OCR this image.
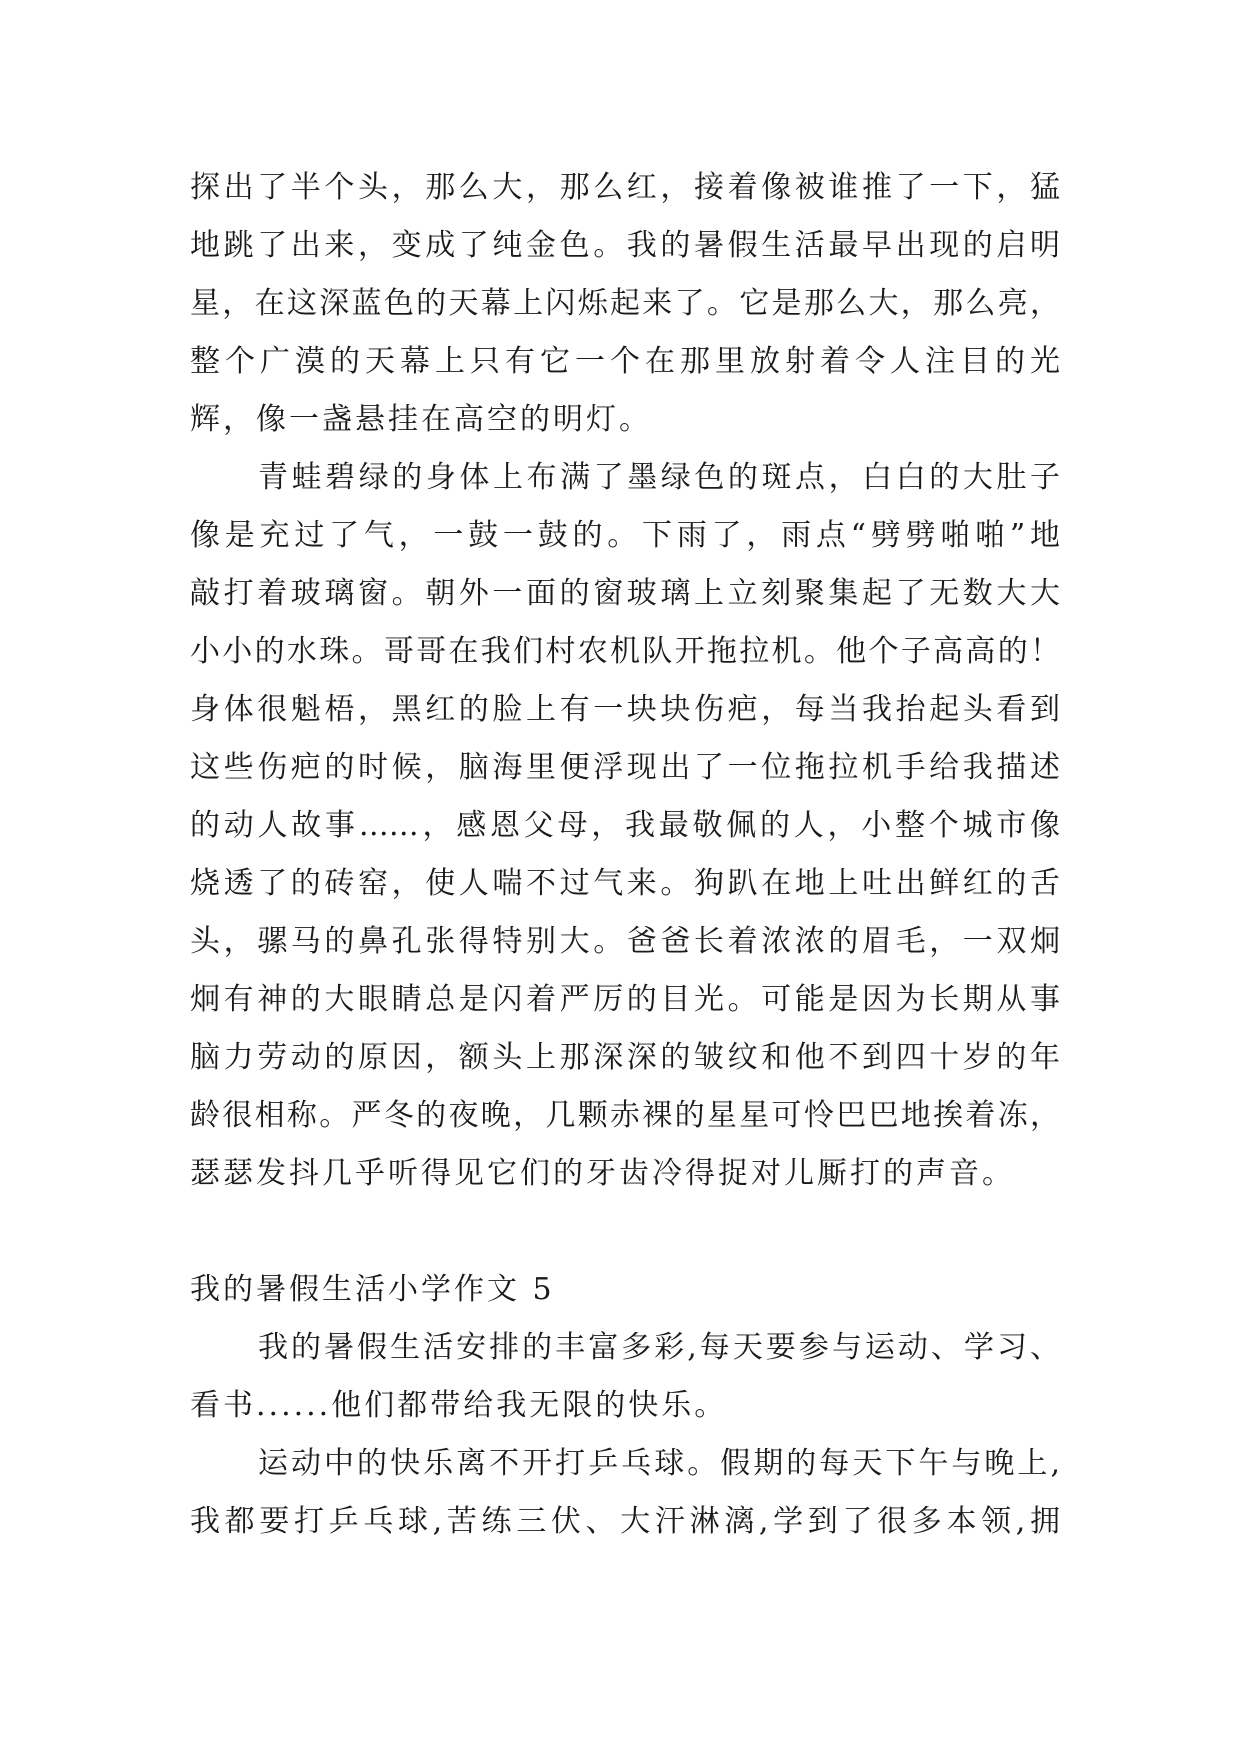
探出了半个头，那么大，那么红，接着像被谁推了一下，猛
地跳了出来，变成了纯金色。我的暑假生活最早出现的启明
星，在这深蓝色的天幕上闪烁起来了。它是那么大，那么亮，
整个广漠的天幕上只有它一个在那里放射着令人注目的光
辉，像一盏悬挂在高空的明灯。
青蛙碧绿的身体上布满了墨绿色的斑点，白白的大肚子
像是充过了气，一鼓一鼓的。下雨了，雨点“劈劈啪啪”地
敲打着玻璃窗。朝外一面的窗玻璃上立刻聚集起了无数大大
小小的水珠。哥哥在我们村农机队开拖拉机。他个子高高的！
身体很魁梧，黑红的脸上有一块块伤疤，每当我抬起头看到
这些伤疤的时候，脑海里便浮现出了一位拖拉机手给我描述
的动人故事……，感恩父母，我最敬佩的人，小整个城市像
烧透了的砖窑，使人喘不过气来。狗趴在地上吐出鲜红的舌
头，骡马的鼻孔张得特别大。爸爸长着浓浓的眉毛，一双炯
炯有神的大眼睛总是闪着严厉的目光。可能是因为长期从事
脑力劳动的原因，额头上那深深的皱纹和他不到四十岁的年
龄很相称。严冬的夜晚，几颗赤裸的星星可怜巴巴地挨着冻，
瑟瑟发抖几乎听得见它们的牙齿冷得捉对儿厮打的声音。
我的暑假生活小学作文 5
我的暑假生活安排的丰富多彩,每天要参与运动、学习、
看书......他们都带给我无限的快乐。
运动中的快乐离不开打乒乓球。假期的每天下午与晚上,
我都要打乒乓球,苦练三伏、大汗淋漓,学到了很多本领,拥
